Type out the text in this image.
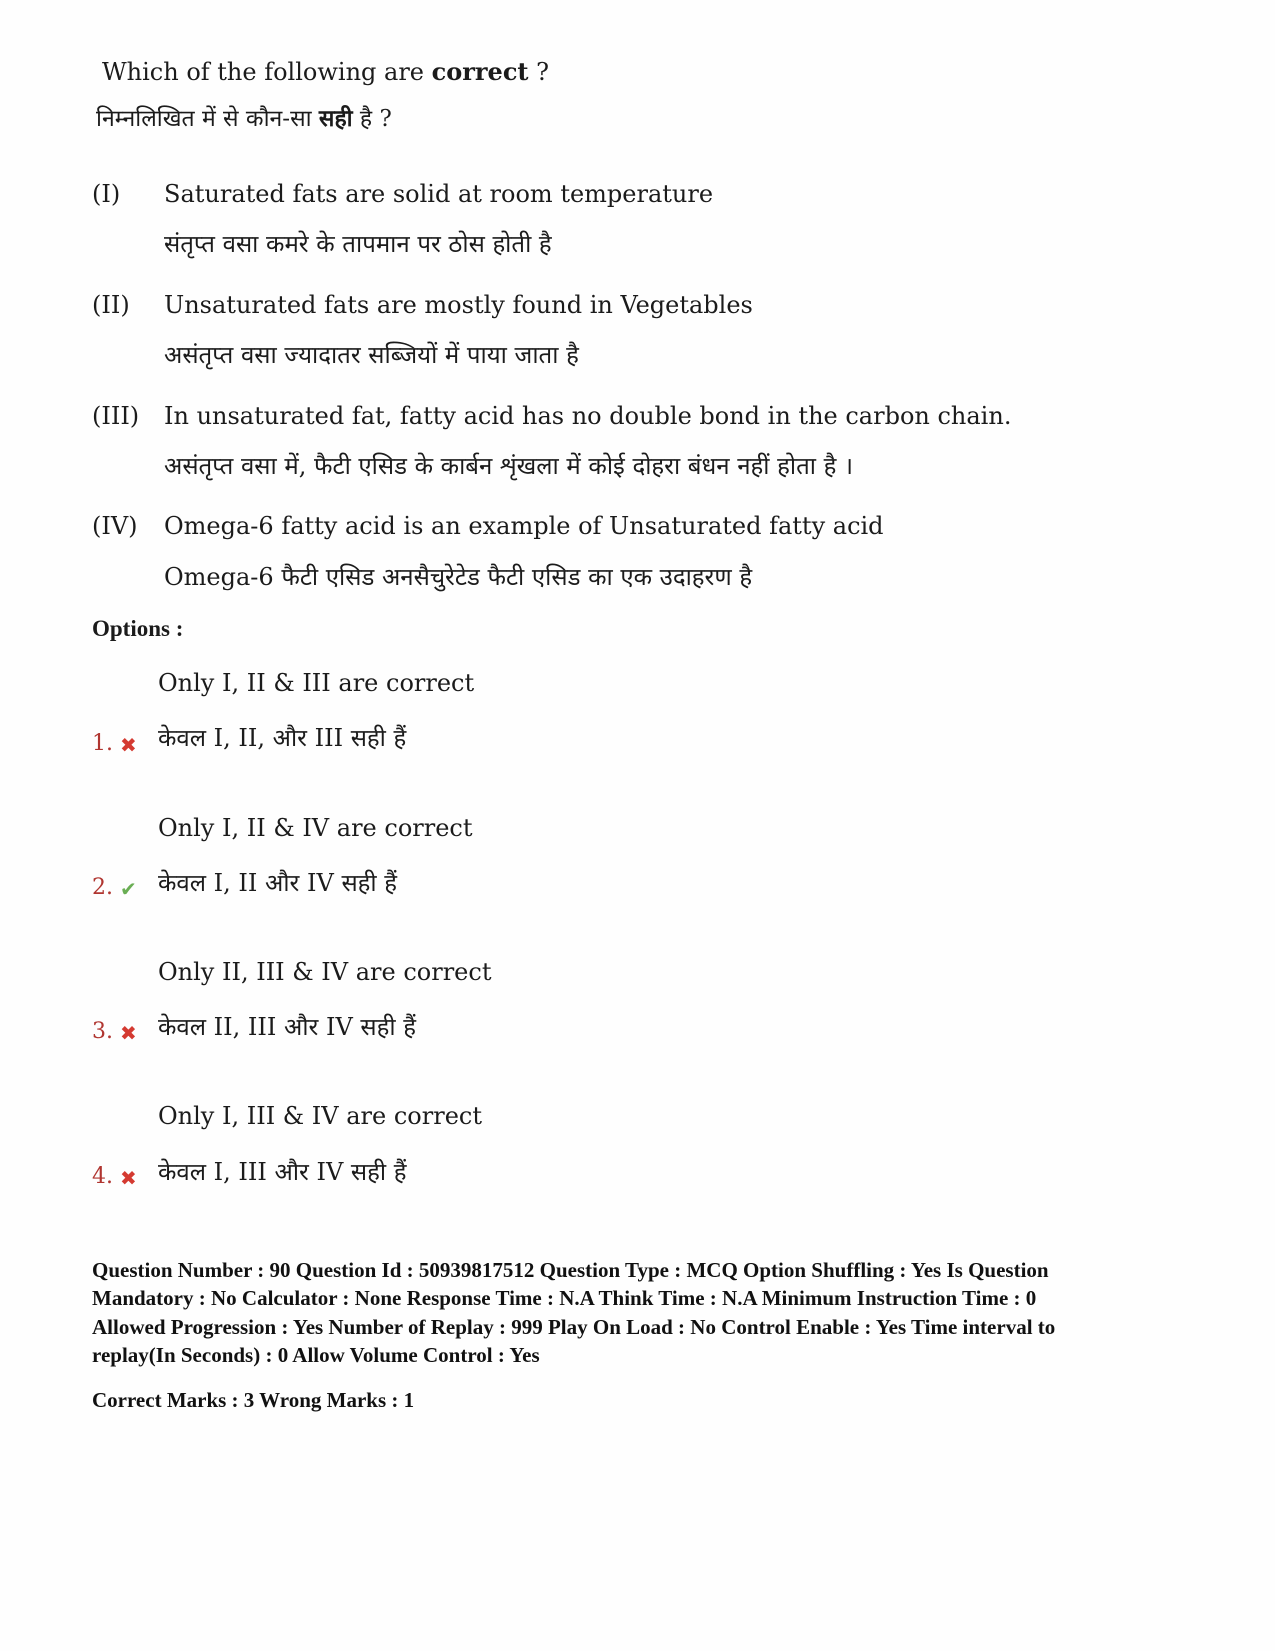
Which of the following are correct ?

निम्नलिखित में से कौन-सा सही है ?

(I)	Saturated fats are solid at room temperature

संतृप्त वसा कमरे के तापमान पर ठोस होती है

(II)	Unsaturated fats are mostly found in Vegetables

असंतृप्त वसा ज्यादातर सब्जियों में पाया जाता है

(III)	In unsaturated fat, fatty acid has no double bond in the carbon chain.

असंतृप्त वसा में, फैटी एसिड के कार्बन शृंखला में कोई दोहरा बंधन नहीं होता है ।

(IV)	Omega-6 fatty acid is an example of Unsaturated fatty acid

Omega-6 फैटी एसिड अनसैचुरेटेड फैटी एसिड का एक उदाहरण है

Options :

1. ✖

Only I, II & III are correct

केवल I, II, और III सही हैं

2. ✔

Only I, II & IV are correct

केवल I, II और IV सही हैं

3. ✖

Only II, III & IV are correct

केवल II, III और IV सही हैं

4. ✖

Only I, III & IV are correct

केवल I, III और IV सही हैं

Question Number : 90 Question Id : 50939817512 Question Type : MCQ Option Shuffling : Yes Is Question Mandatory : No Calculator : None Response Time : N.A Think Time : N.A Minimum Instruction Time : 0 Allowed Progression : Yes Number of Replay : 999 Play On Load : No Control Enable : Yes Time interval to replay(In Seconds) : 0 Allow Volume Control : Yes

Correct Marks : 3 Wrong Marks : 1
